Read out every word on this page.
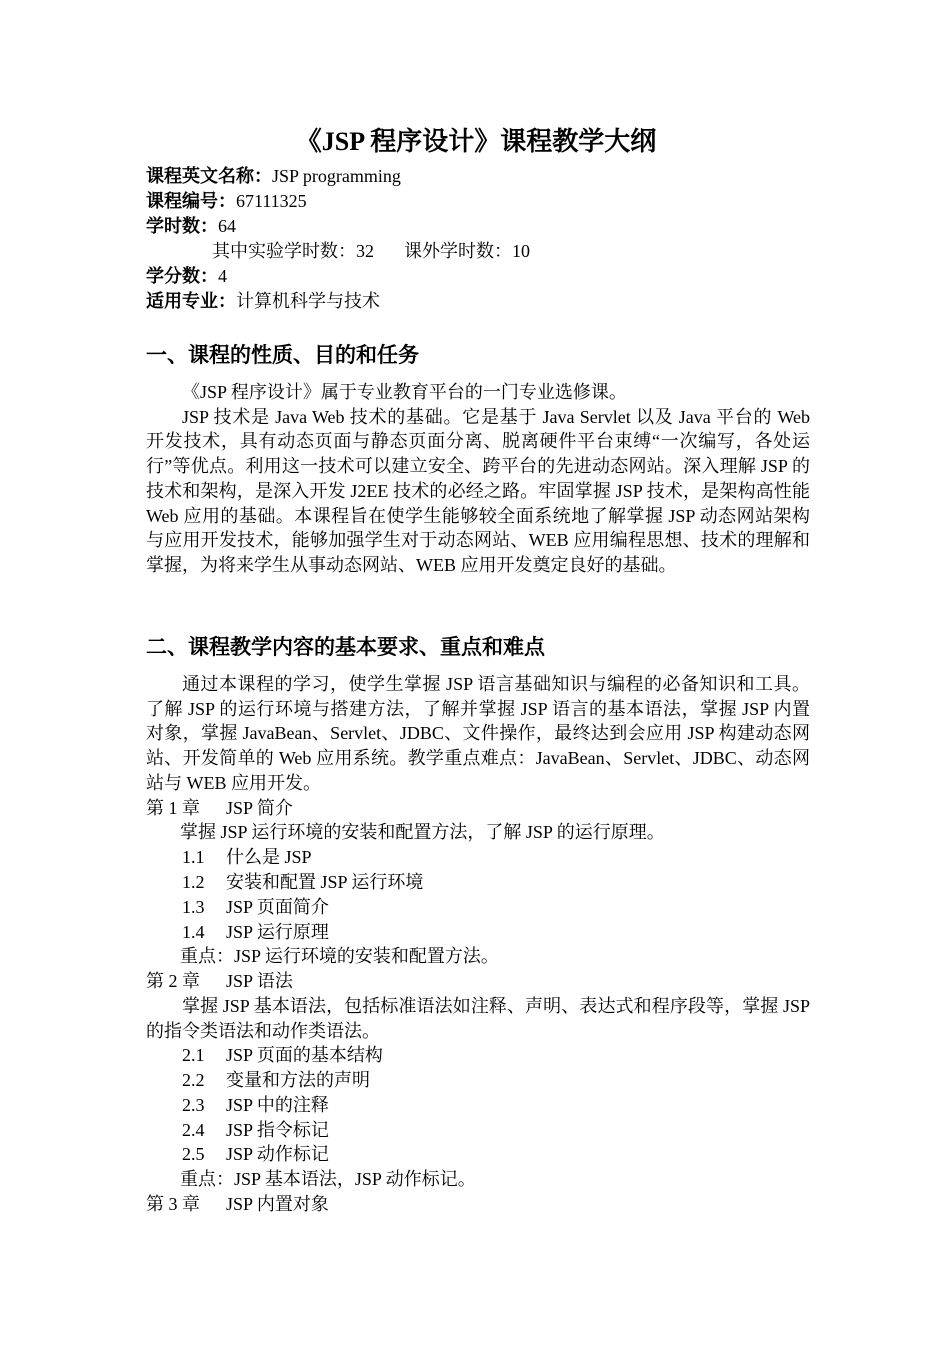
《JSP 程序设计》课程教学大纲
课程英文名称：JSP programming
课程编号：67111325
学时数：64
其中实验学时数：32 课外学时数：10
学分数：4
适用专业：计算机科学与技术
一、课程的性质、目的和任务

《JSP 程序设计》属于专业教育平台的一门专业选修课。

JSP 技术是 Java Web 技术的基础。它是基于 Java Servlet 以及 Java 平台的 Web 开发技术，具有动态页面与静态页面分离、脱离硬件平台束缚“一次编写，各处运行”等优点。利用这一技术可以建立安全、跨平台的先进动态网站。深入理解 JSP 的技术和架构，是深入开发 J2EE 技术的必经之路。牢固掌握 JSP 技术，是架构高性能 Web 应用的基础。本课程旨在使学生能够较全面系统地了解掌握 JSP 动态网站架构与应用开发技术，能够加强学生对于动态网站、WEB 应用编程思想、技术的理解和掌握，为将来学生从事动态网站、WEB 应用开发奠定良好的基础。

二、课程教学内容的基本要求、重点和难点

通过本课程的学习，使学生掌握 JSP 语言基础知识与编程的必备知识和工具。了解 JSP 的运行环境与搭建方法，了解并掌握 JSP 语言的基本语法，掌握 JSP 内置对象，掌握 JavaBean、Servlet、JDBC、文件操作，最终达到会应用 JSP 构建动态网站、开发简单的 Web 应用系统。教学重点难点：JavaBean、Servlet、JDBC、动态网站与 WEB 应用开发。

第 1 章 JSP 简介
掌握 JSP 运行环境的安装和配置方法，了解 JSP 的运行原理。
1.1 什么是 JSP
1.2 安装和配置 JSP 运行环境
1.3 JSP 页面简介
1.4 JSP 运行原理
重点：JSP 运行环境的安装和配置方法。
第 2 章 JSP 语法

掌握 JSP 基本语法，包括标准语法如注释、声明、表达式和程序段等，掌握 JSP 的指令类语法和动作类语法。

2.1 JSP 页面的基本结构
2.2 变量和方法的声明
2.3 JSP 中的注释
2.4 JSP 指令标记
2.5 JSP 动作标记
重点：JSP 基本语法，JSP 动作标记。
第 3 章 JSP 内置对象
